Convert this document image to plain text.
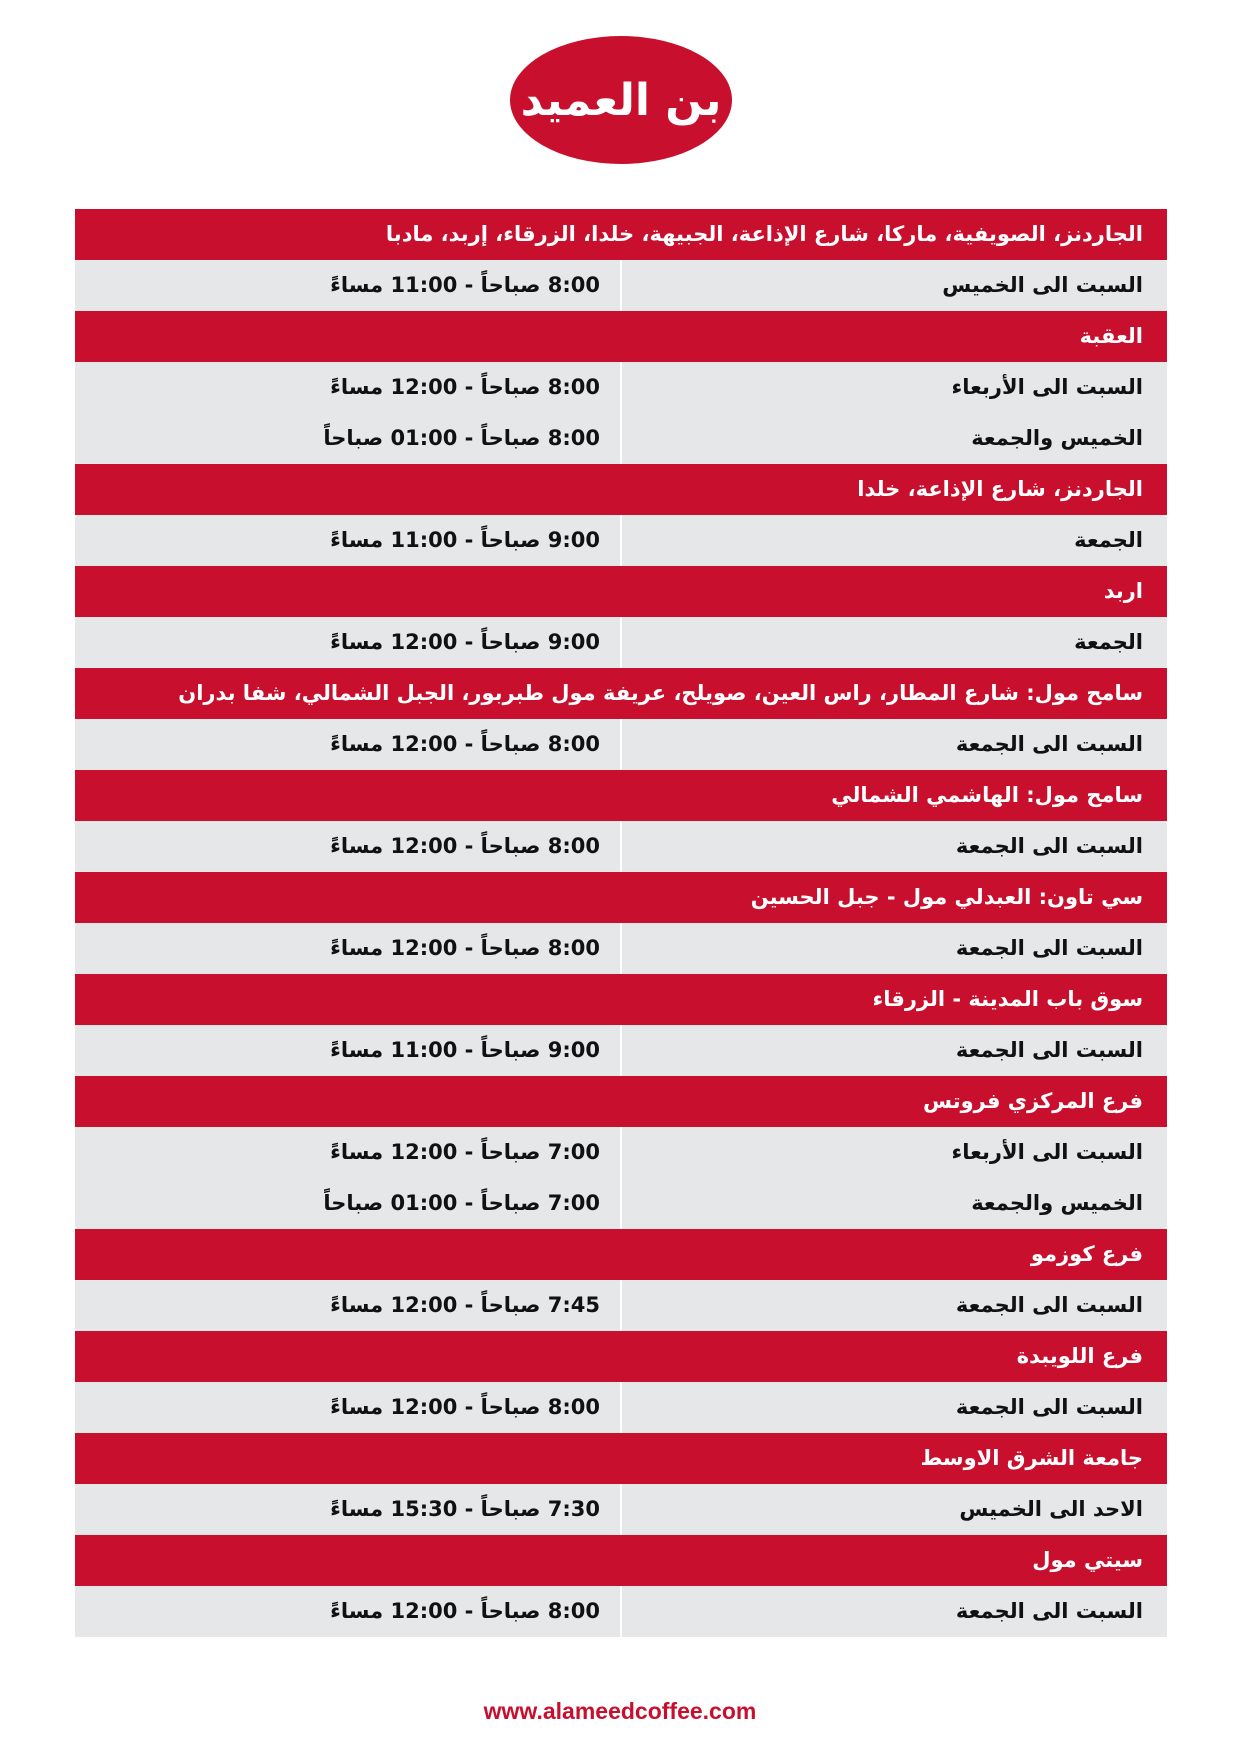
بن العميد
الجاردنز، الصويفية، ماركا، شارع الإذاعة، الجبيهة، خلدا، الزرقاء، إربد، مادبا
السبت الى الخميس
8:00 صباحاً - 11:00 مساءً
العقبة
السبت الى الأربعاء
8:00 صباحاً - 12:00 مساءً
الخميس والجمعة
8:00 صباحاً - 01:00 صباحاً
الجاردنز، شارع الإذاعة، خلدا
الجمعة
9:00 صباحاً - 11:00 مساءً
اربد
الجمعة
9:00 صباحاً - 12:00 مساءً
سامح مول: شارع المطار، راس العين، صويلح، عريفة مول طبربور، الجبل الشمالي، شفا بدران
السبت الى الجمعة
8:00 صباحاً - 12:00 مساءً
سامح مول: الهاشمي الشمالي
السبت الى الجمعة
8:00 صباحاً - 12:00 مساءً
سي تاون: العبدلي مول - جبل الحسين
السبت الى الجمعة
8:00 صباحاً - 12:00 مساءً
سوق باب المدينة - الزرقاء
السبت الى الجمعة
9:00 صباحاً - 11:00 مساءً
فرع المركزي فروتس
السبت الى الأربعاء
7:00 صباحاً - 12:00 مساءً
الخميس والجمعة
7:00 صباحاً - 01:00 صباحاً
فرع كوزمو
السبت الى الجمعة
7:45 صباحاً - 12:00 مساءً
فرع اللويبدة
السبت الى الجمعة
8:00 صباحاً - 12:00 مساءً
جامعة الشرق الاوسط
الاحد الى الخميس
7:30 صباحاً - 15:30 مساءً
سيتي مول
السبت الى الجمعة
8:00 صباحاً - 12:00 مساءً
www.alameedcoffee.com
